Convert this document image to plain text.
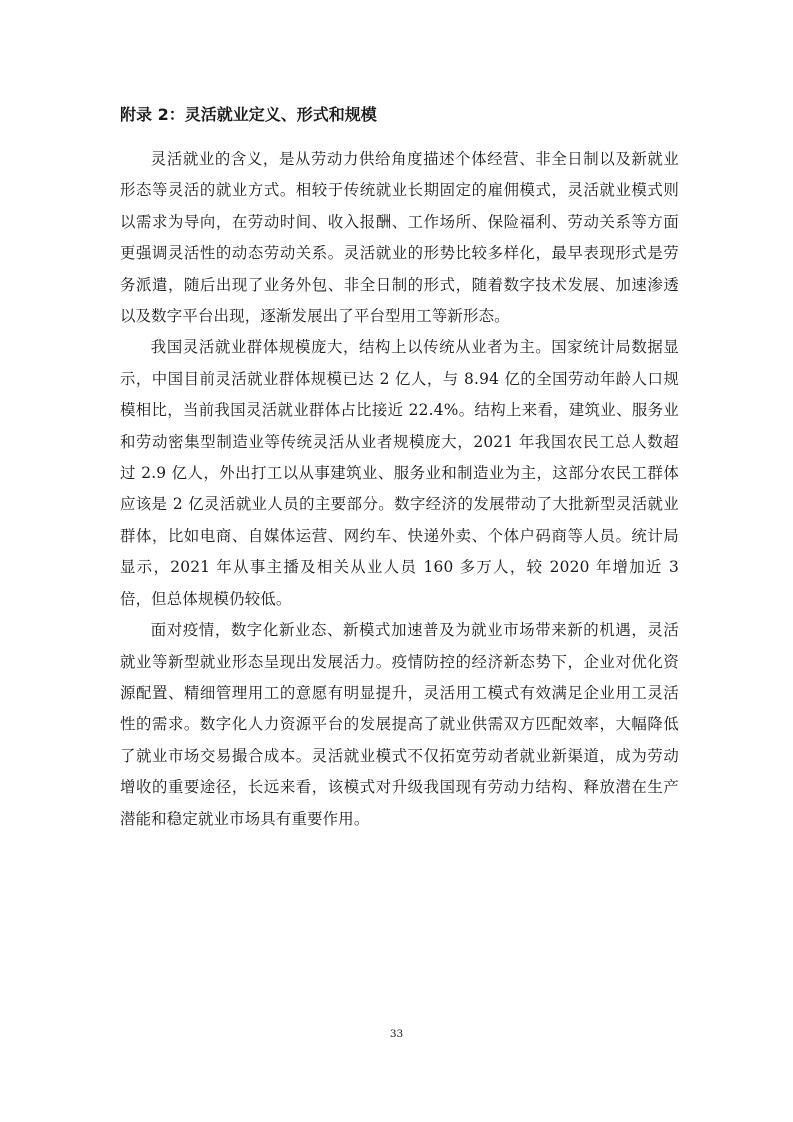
附录 2：灵活就业定义、形式和规模

灵活就业的含义，是从劳动力供给角度描述个体经营、非全日制以及新就业形态等灵活的就业方式。相较于传统就业长期固定的雇佣模式，灵活就业模式则以需求为导向，在劳动时间、收入报酬、工作场所、保险福利、劳动关系等方面更强调灵活性的动态劳动关系。灵活就业的形势比较多样化，最早表现形式是劳务派遣，随后出现了业务外包、非全日制的形式，随着数字技术发展、加速渗透以及数字平台出现，逐渐发展出了平台型用工等新形态。

我国灵活就业群体规模庞大，结构上以传统从业者为主。国家统计局数据显示，中国目前灵活就业群体规模已达 2 亿人，与 8.94 亿的全国劳动年龄人口规模相比，当前我国灵活就业群体占比接近 22.4%。结构上来看，建筑业、服务业和劳动密集型制造业等传统灵活从业者规模庞大，2021 年我国农民工总人数超过 2.9 亿人，外出打工以从事建筑业、服务业和制造业为主，这部分农民工群体应该是 2 亿灵活就业人员的主要部分。数字经济的发展带动了大批新型灵活就业群体，比如电商、自媒体运营、网约车、快递外卖、个体户码商等人员。统计局显示，2021 年从事主播及相关从业人员 160 多万人，较 2020 年增加近 3 倍，但总体规模仍较低。

面对疫情，数字化新业态、新模式加速普及为就业市场带来新的机遇，灵活就业等新型就业形态呈现出发展活力。疫情防控的经济新态势下，企业对优化资源配置、精细管理用工的意愿有明显提升，灵活用工模式有效满足企业用工灵活性的需求。数字化人力资源平台的发展提高了就业供需双方匹配效率，大幅降低了就业市场交易撮合成本。灵活就业模式不仅拓宽劳动者就业新渠道，成为劳动增收的重要途径，长远来看，该模式对升级我国现有劳动力结构、释放潜在生产潜能和稳定就业市场具有重要作用。

33
